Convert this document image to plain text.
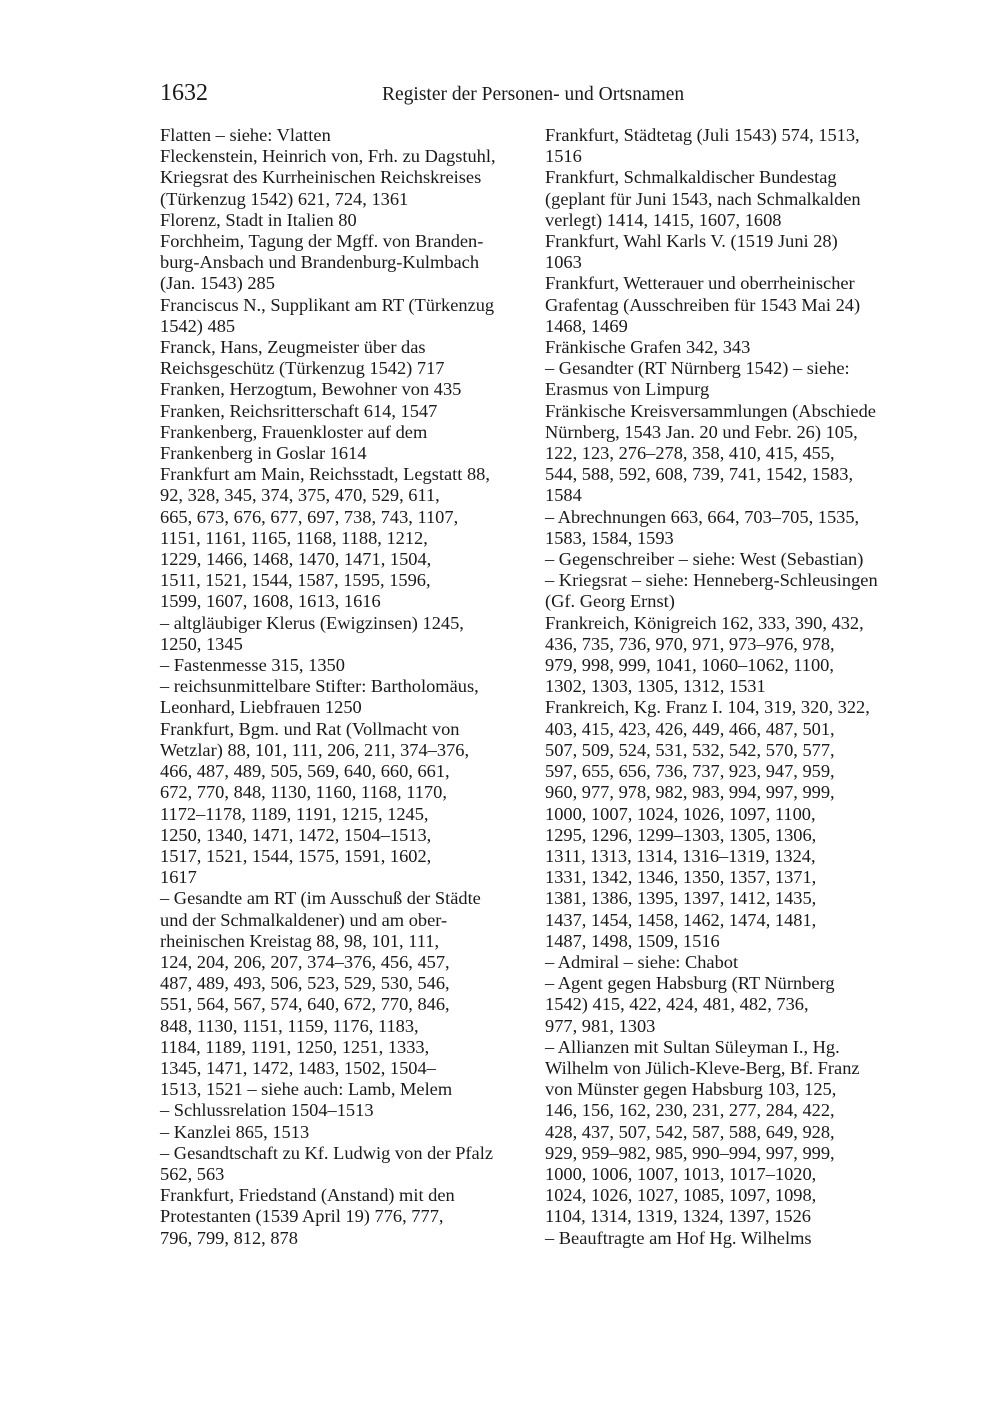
1632	Register der Personen- und Ortsnamen

Flatten – siehe: Vlatten

Fleckenstein, Heinrich von, Frh. zu Dagstuhl,
Kriegsrat des Kurrheinischen Reichskreises
(Türkenzug 1542) 621, 724, 1361

Florenz, Stadt in Italien 80

Forchheim, Tagung der Mgff. von Branden-
burg-Ansbach und Brandenburg-Kulmbach
(Jan. 1543) 285

Franciscus N., Supplikant am RT (Türkenzug
1542) 485

Franck, Hans, Zeugmeister über das
Reichsgeschütz (Türkenzug 1542) 717

Franken, Herzogtum, Bewohner von 435

Franken, Reichsritterschaft 614, 1547

Frankenberg, Frauenkloster auf dem
Frankenberg in Goslar 1614

Frankfurt am Main, Reichsstadt, Legstatt 88,
92, 328, 345, 374, 375, 470, 529, 611,
665, 673, 676, 677, 697, 738, 743, 1107,
1151, 1161, 1165, 1168, 1188, 1212,
1229, 1466, 1468, 1470, 1471, 1504,
1511, 1521, 1544, 1587, 1595, 1596,
1599, 1607, 1608, 1613, 1616

– altgläubiger Klerus (Ewigzinsen) 1245,
1250, 1345

– Fastenmesse 315, 1350

– reichsunmittelbare Stifter: Bartholomäus,
Leonhard, Liebfrauen 1250

Frankfurt, Bgm. und Rat (Vollmacht von
Wetzlar) 88, 101, 111, 206, 211, 374–376,
466, 487, 489, 505, 569, 640, 660, 661,
672, 770, 848, 1130, 1160, 1168, 1170,
1172–1178, 1189, 1191, 1215, 1245,
1250, 1340, 1471, 1472, 1504–1513,
1517, 1521, 1544, 1575, 1591, 1602,
1617

– Gesandte am RT (im Ausschuß der Städte
und der Schmalkaldener) und am ober-
rheinischen Kreistag 88, 98, 101, 111,
124, 204, 206, 207, 374–376, 456, 457,
487, 489, 493, 506, 523, 529, 530, 546,
551, 564, 567, 574, 640, 672, 770, 846,
848, 1130, 1151, 1159, 1176, 1183,
1184, 1189, 1191, 1250, 1251, 1333,
1345, 1471, 1472, 1483, 1502, 1504–
1513, 1521 – siehe auch: Lamb, Melem

– Schlussrelation 1504–1513

– Kanzlei 865, 1513

– Gesandtschaft zu Kf. Ludwig von der Pfalz
562, 563

Frankfurt, Friedstand (Anstand) mit den
Protestanten (1539 April 19) 776, 777,
796, 799, 812, 878

Frankfurt, Städtetag (Juli 1543) 574, 1513,
1516

Frankfurt, Schmalkaldischer Bundestag
(geplant für Juni 1543, nach Schmalkalden
verlegt) 1414, 1415, 1607, 1608

Frankfurt, Wahl Karls V. (1519 Juni 28)
1063

Frankfurt, Wetterauer und oberrheinischer
Grafentag (Ausschreiben für 1543 Mai 24)
1468, 1469

Fränkische Grafen 342, 343

– Gesandter (RT Nürnberg 1542) – siehe:
Erasmus von Limpurg

Fränkische Kreisversammlungen (Abschiede
Nürnberg, 1543 Jan. 20 und Febr. 26) 105,
122, 123, 276–278, 358, 410, 415, 455,
544, 588, 592, 608, 739, 741, 1542, 1583,
1584

– Abrechnungen 663, 664, 703–705, 1535,
1583, 1584, 1593

– Gegenschreiber – siehe: West (Sebastian)

– Kriegsrat – siehe: Henneberg-Schleusingen
(Gf. Georg Ernst)

Frankreich, Königreich 162, 333, 390, 432,
436, 735, 736, 970, 971, 973–976, 978,
979, 998, 999, 1041, 1060–1062, 1100,
1302, 1303, 1305, 1312, 1531

Frankreich, Kg. Franz I. 104, 319, 320, 322,
403, 415, 423, 426, 449, 466, 487, 501,
507, 509, 524, 531, 532, 542, 570, 577,
597, 655, 656, 736, 737, 923, 947, 959,
960, 977, 978, 982, 983, 994, 997, 999,
1000, 1007, 1024, 1026, 1097, 1100,
1295, 1296, 1299–1303, 1305, 1306,
1311, 1313, 1314, 1316–1319, 1324,
1331, 1342, 1346, 1350, 1357, 1371,
1381, 1386, 1395, 1397, 1412, 1435,
1437, 1454, 1458, 1462, 1474, 1481,
1487, 1498, 1509, 1516

– Admiral – siehe: Chabot

– Agent gegen Habsburg (RT Nürnberg
1542) 415, 422, 424, 481, 482, 736,
977, 981, 1303

– Allianzen mit Sultan Süleyman I., Hg.
Wilhelm von Jülich-Kleve-Berg, Bf. Franz
von Münster gegen Habsburg 103, 125,
146, 156, 162, 230, 231, 277, 284, 422,
428, 437, 507, 542, 587, 588, 649, 928,
929, 959–982, 985, 990–994, 997, 999,
1000, 1006, 1007, 1013, 1017–1020,
1024, 1026, 1027, 1085, 1097, 1098,
1104, 1314, 1319, 1324, 1397, 1526

– Beauftragte am Hof Hg. Wilhelms
